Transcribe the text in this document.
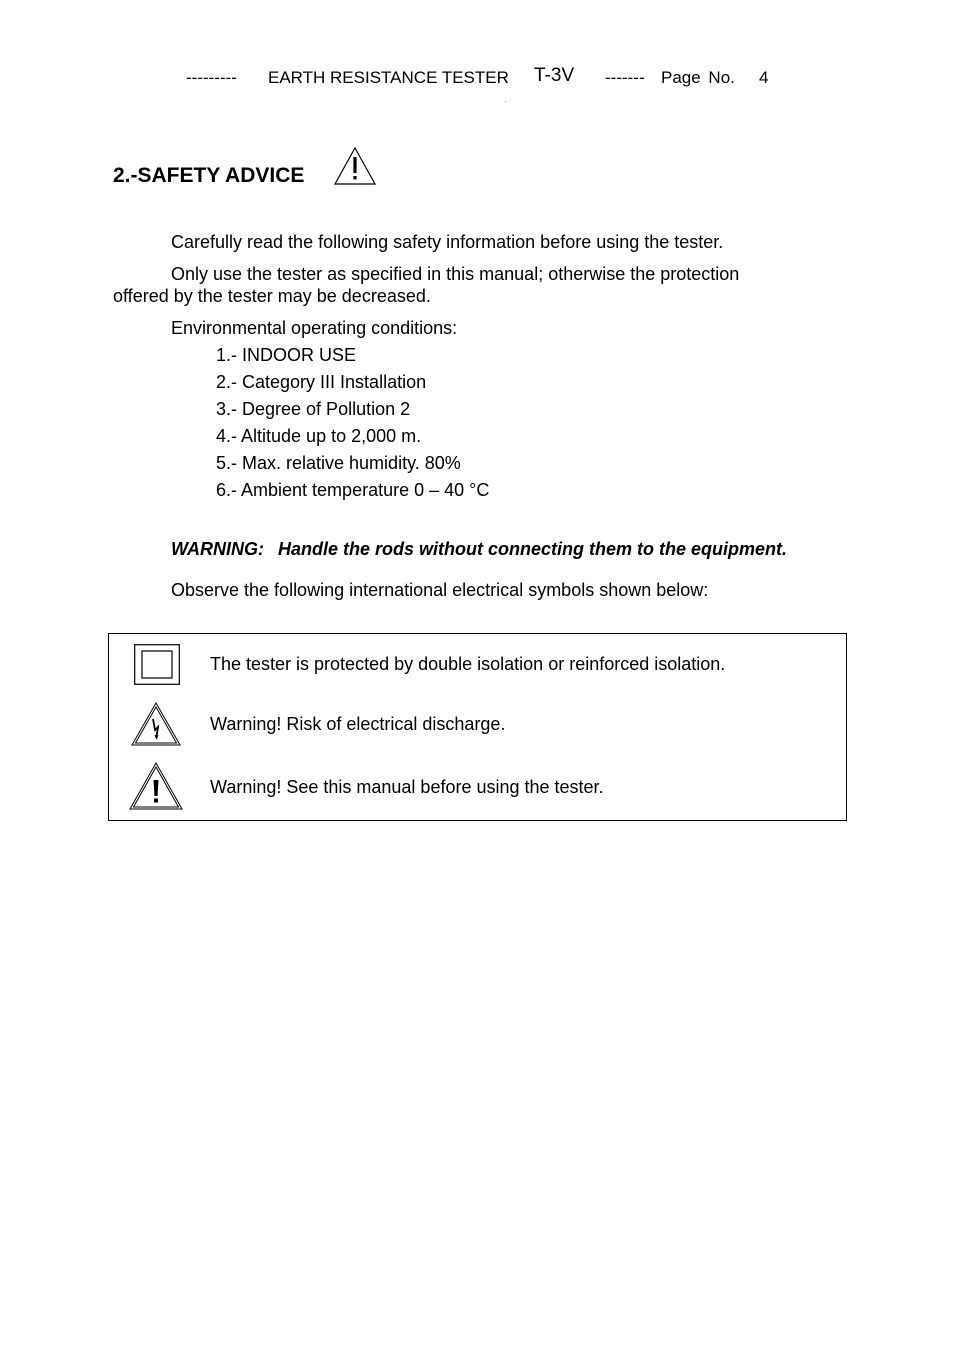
--------- EARTH RESISTANCE TESTER T-3V ------- Page No. 4
.
2.-SAFETY ADVICE
Carefully read the following safety information before using the tester.
Only use the tester as specified in this manual; otherwise the protection
offered by the tester may be decreased.
Environmental operating conditions:
1.- INDOOR USE
2.- Category III Installation
3.- Degree of Pollution 2
4.- Altitude up to 2,000 m.
5.- Max. relative humidity. 80%
6.- Ambient temperature 0 – 40 °C
WARNING: Handle the rods without connecting them to the equipment.
Observe the following international electrical symbols shown below:
The tester is protected by double isolation or reinforced isolation.
Warning! Risk of electrical discharge.
Warning! See this manual before using the tester.
